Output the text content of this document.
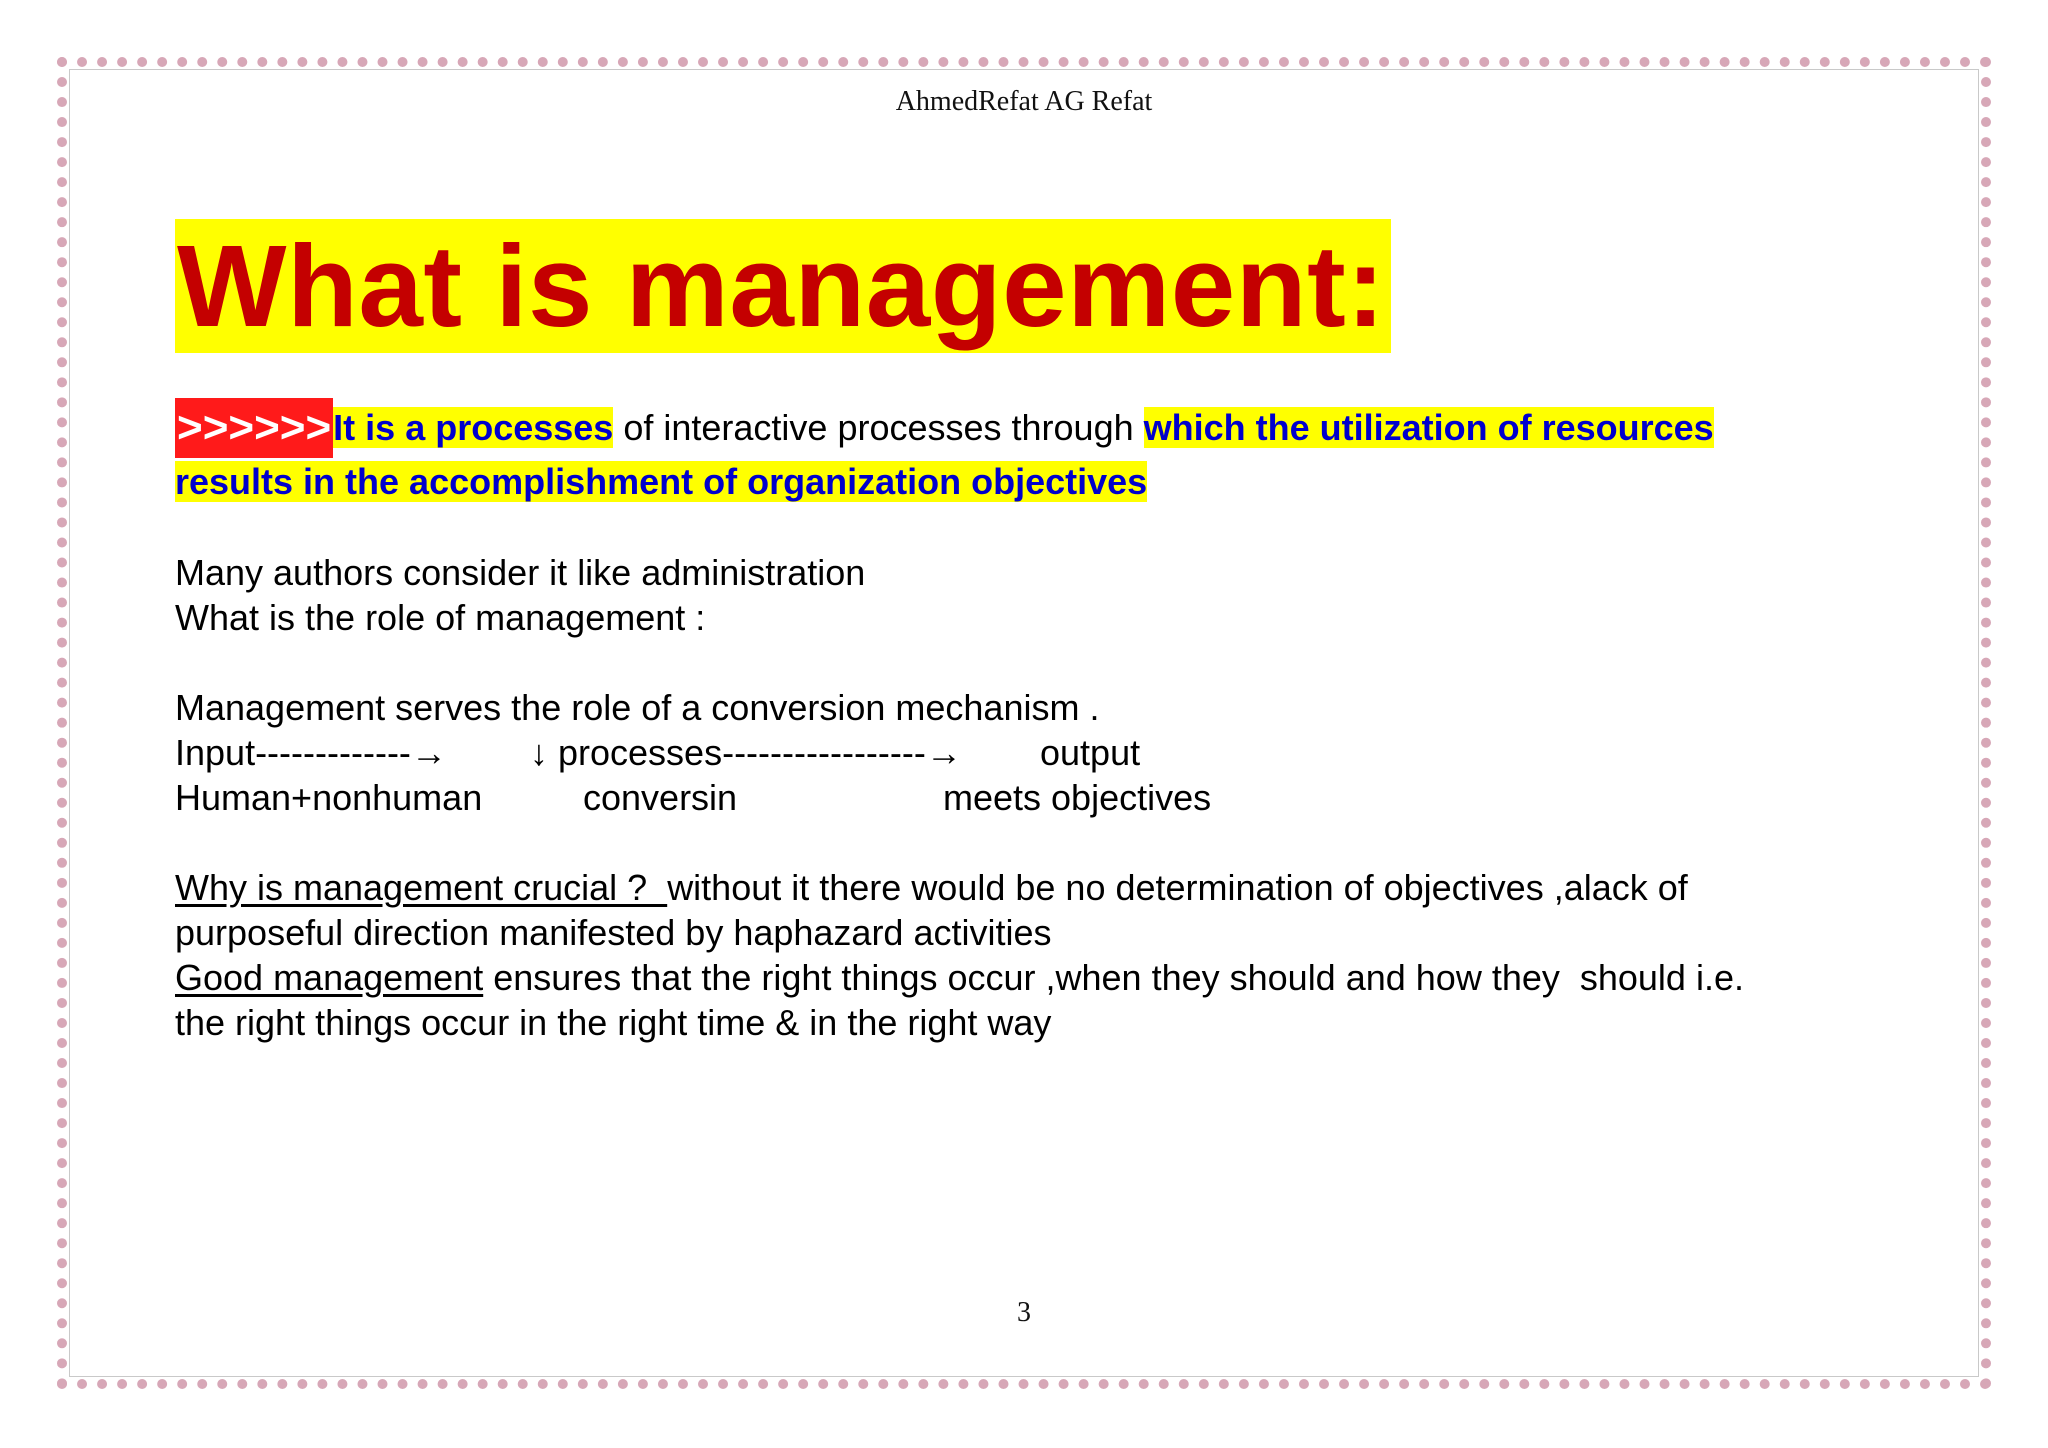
AhmedRefat AG Refat
What is management:
>>>>>>It is a processes of interactive processes through which the utilization of resources
results in the accomplishment of organization objectives
Many authors consider it like administration
What is the role of management :
Management serves the role of a conversion mechanism .
Input-------------→ ↓ processes-----------------→ output
Human+nonhuman	conversin	meets objectives
Why is management crucial ?  without it there would be no determination of objectives ,alack of
purposeful direction manifested by haphazard activities
Good management ensures that the right things occur ,when they should and how they  should i.e.
the right things occur in the right time & in the right way
3
